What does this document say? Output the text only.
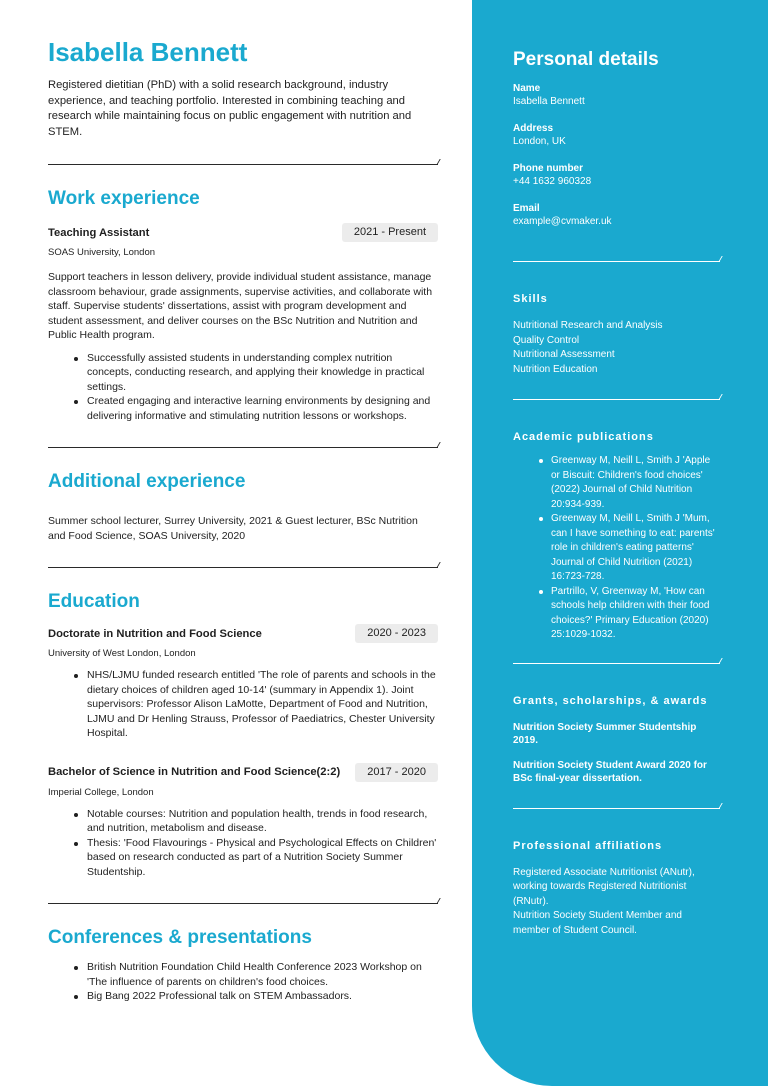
Isabella Bennett

Registered dietitian (PhD) with a solid research background, industry experience, and teaching portfolio. Interested in combining teaching and research while maintaining focus on public engagement with nutrition and STEM.

Work experience
Teaching Assistant	2021 - Present
SOAS University, London

Support teachers in lesson delivery, provide individual student assistance, manage classroom behaviour, grade assignments, supervise activities, and collaborate with staff. Supervise students' dissertations, assist with program development and student assessment, and deliver courses on the BSc Nutrition and Nutrition and Public Health program.

Successfully assisted students in understanding complex nutrition concepts, conducting research, and applying their knowledge in practical settings.
Created engaging and interactive learning environments by designing and delivering informative and stimulating nutrition lessons or workshops.
Additional experience

Summer school lecturer, Surrey University, 2021 & Guest lecturer, BSc Nutrition and Food Science, SOAS University, 2020

Education
Doctorate in Nutrition and Food Science	2020 - 2023
University of West London, London
NHS/LJMU funded research entitled 'The role of parents and schools in the dietary choices of children aged 10-14' (summary in Appendix 1). Joint supervisors: Professor Alison LaMotte, Department of Food and Nutrition, LJMU and Dr Henling Strauss, Professor of Paediatrics, Chester University Hospital.
Bachelor of Science in Nutrition and Food Science(2:2)	2017 - 2020
Imperial College, London
Notable courses: Nutrition and population health, trends in food research, and nutrition, metabolism and disease.
Thesis: 'Food Flavourings - Physical and Psychological Effects on Children' based on research conducted as part of a Nutrition Society Summer Studentship.
Conferences & presentations
British Nutrition Foundation Child Health Conference 2023 Workshop on 'The influence of parents on children's food choices.
Big Bang 2022 Professional talk on STEM Ambassadors.
Personal details
Name
Isabella Bennett
Address
London, UK
Phone number
+44 1632 960328
Email
example@cvmaker.uk
Skills
Nutritional Research and Analysis
Quality Control
Nutritional Assessment
Nutrition Education
Academic publications
Greenway M, Neill L, Smith J 'Apple or Biscuit: Children's food choices' (2022) Journal of Child Nutrition 20:934-939.
Greenway M, Neill L, Smith J 'Mum, can I have something to eat: parents' role in children's eating patterns' Journal of Child Nutrition (2021) 16:723-728.
Partrillo, V, Greenway M, 'How can schools help children with their food choices?' Primary Education (2020) 25:1029-1032.
Grants, scholarships, & awards
Nutrition Society Summer Studentship 2019.
Nutrition Society Student Award 2020 for BSc final-year dissertation.
Professional affiliations
Registered Associate Nutritionist (ANutr), working towards Registered Nutritionist (RNutr).
Nutrition Society Student Member and member of Student Council.
